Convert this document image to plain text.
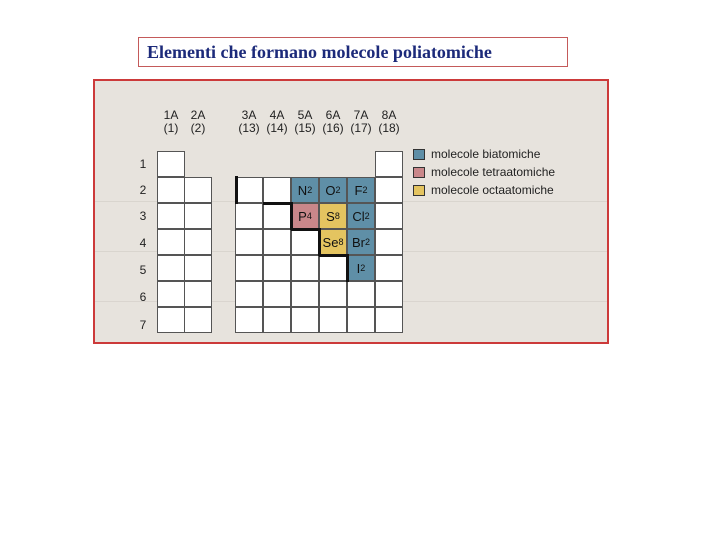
Elementi che formano molecole poliatomiche
1A
(1)
2A
(2)
3A
(13)
4A
(14)
5A
(15)
6A
(16)
7A
(17)
8A
(18)
1
2
3
4
5
6
7
N 2
P 4
O 2
S 8
Se 8
F 2
Cl 2
Br 2
I 2
molecole biatomiche
molecole tetraatomiche
molecole octaatomiche
